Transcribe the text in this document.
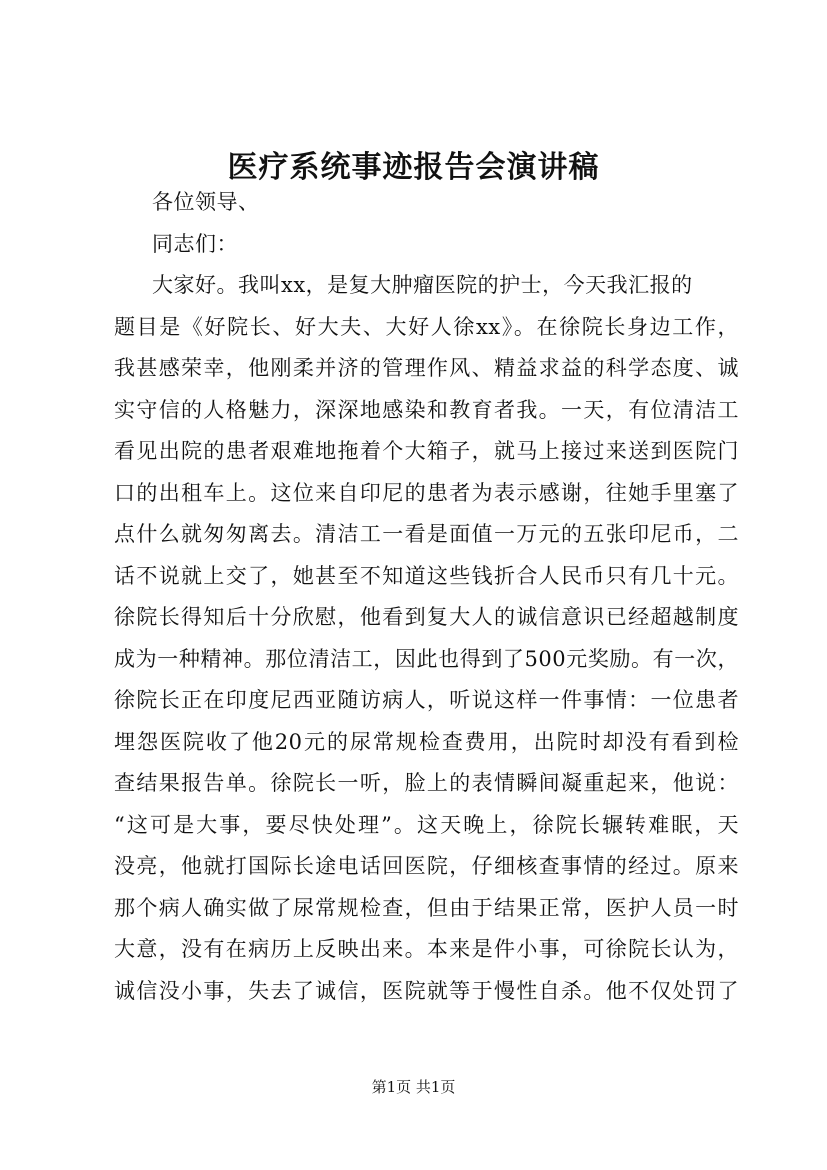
医疗系统事迹报告会演讲稿
各位领导、
同志们：
大家好。我叫xx，是复大肿瘤医院的护士，今天我汇报的
题目是《好院长、好大夫、大好人徐xx》。在徐院长身边工作，
我甚感荣幸，他刚柔并济的管理作风、精益求益的科学态度、诚
实守信的人格魅力，深深地感染和教育者我。一天，有位清洁工
看见出院的患者艰难地拖着个大箱子，就马上接过来送到医院门
口的出租车上。这位来自印尼的患者为表示感谢，往她手里塞了
点什么就匆匆离去。清洁工一看是面值一万元的五张印尼币，二
话不说就上交了，她甚至不知道这些钱折合人民币只有几十元。
徐院长得知后十分欣慰，他看到复大人的诚信意识已经超越制度
成为一种精神。那位清洁工，因此也得到了500元奖励。有一次，
徐院长正在印度尼西亚随访病人，听说这样一件事情：一位患者
埋怨医院收了他20元的尿常规检查费用，出院时却没有看到检
查结果报告单。徐院长一听，脸上的表情瞬间凝重起来，他说：
“这可是大事，要尽快处理”。这天晚上，徐院长辗转难眠，天
没亮，他就打国际长途电话回医院，仔细核查事情的经过。原来
那个病人确实做了尿常规检查，但由于结果正常，医护人员一时
大意，没有在病历上反映出来。本来是件小事，可徐院长认为，
诚信没小事，失去了诚信，医院就等于慢性自杀。他不仅处罚了
第1页 共1页
